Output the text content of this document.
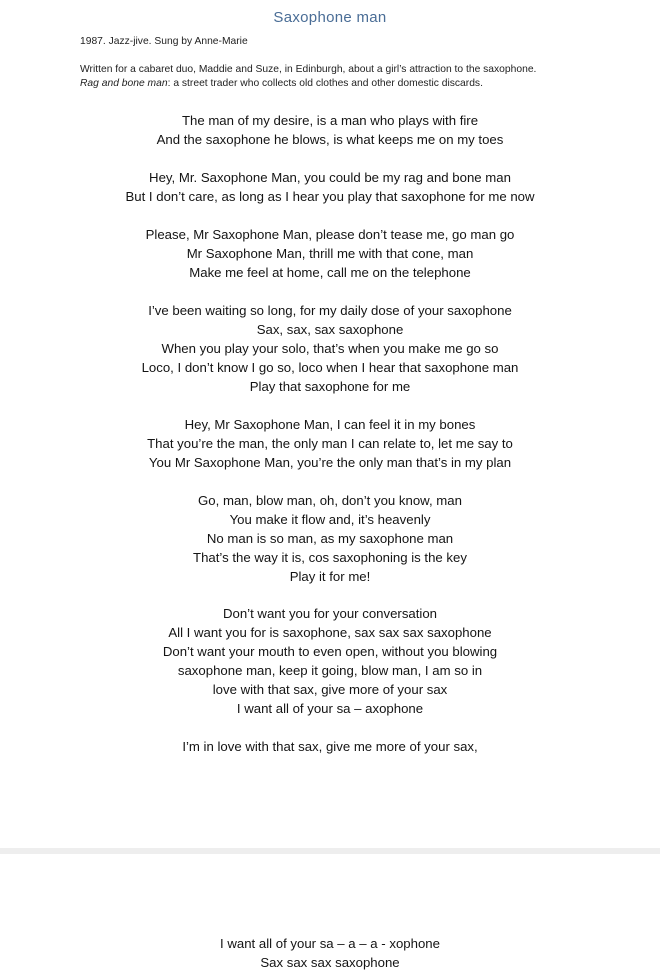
Saxophone man
1987. Jazz-jive. Sung by Anne-Marie
Written for a cabaret duo, Maddie and Suze, in Edinburgh, about a girl’s attraction to the saxophone.
Rag and bone man: a street trader who collects old clothes and other domestic discards.
The man of my desire, is a man who plays with fire
And the saxophone he blows, is what keeps me on my toes
Hey, Mr. Saxophone Man, you could be my rag and bone man
But I don’t care, as long as I hear you play that saxophone for me now
Please, Mr Saxophone Man, please don’t tease me, go man go
Mr Saxophone Man, thrill me with that cone, man
Make me feel at home, call me on the telephone
I’ve been waiting so long, for my daily dose of your saxophone
Sax, sax, sax saxophone
When you play your solo, that’s when you make me go so
Loco, I don’t know I go so, loco when I hear that saxophone man
Play that saxophone for me
Hey, Mr Saxophone Man, I can feel it in my bones
That you’re the man, the only man I can relate to, let me say to
You Mr Saxophone Man, you’re the only man that’s in my plan
Go, man, blow man, oh, don’t you know, man
You make it flow and, it’s heavenly
No man is so man, as my saxophone man
That’s the way it is, cos saxophoning is the key
Play it for me!
Don’t want you for your conversation
All I want you for is saxophone, sax sax sax saxophone
Don’t want your mouth to even open, without you blowing
saxophone man, keep it going, blow man, I am so in
love with that sax, give more of your sax
I want all of your sa – axophone
I’m in love with that sax, give me more of your sax,
I want all of your sa – a – a - xophone
Sax sax sax saxophone
